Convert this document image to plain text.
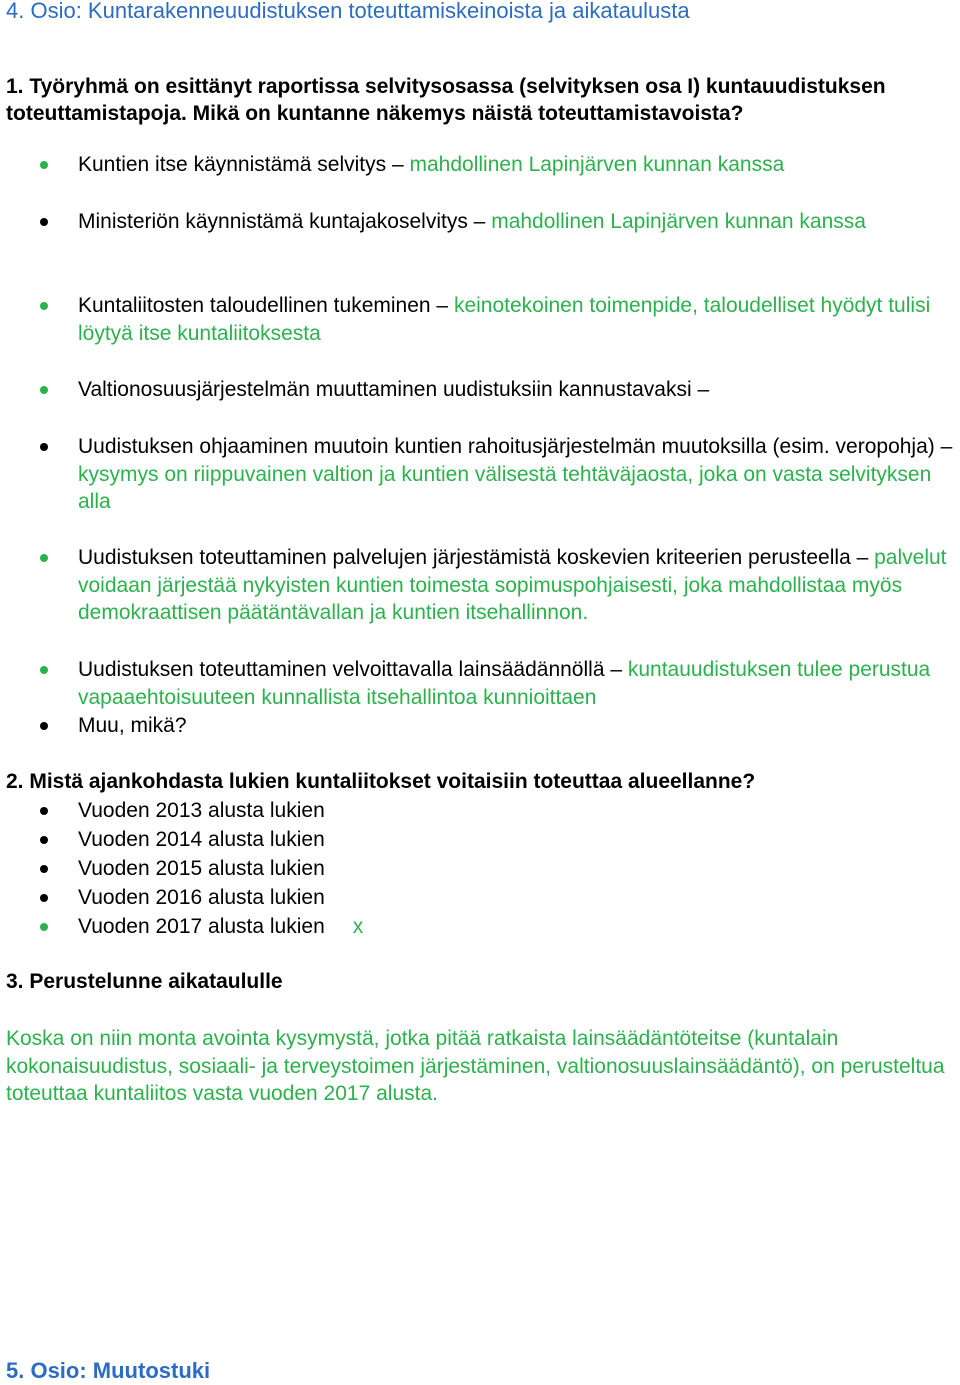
4. Osio: Kuntarakenneuudistuksen toteuttamiskeinoista ja aikataulusta

1. Työryhmä on esittänyt raportissa selvitysosassa (selvityksen osa I) kuntauudistuksen

toteuttamistapoja. Mikä on kuntanne näkemys näistä toteuttamistavoista?

Kuntien itse käynnistämä selvitys – mahdollinen Lapinjärven kunnan kanssa
Ministeriön käynnistämä kuntajakoselvitys – mahdollinen Lapinjärven kunnan kanssa
Kuntaliitosten taloudellinen tukeminen – keinotekoinen toimenpide, taloudelliset hyödyt tulisi löytyä itse kuntaliitoksesta
Valtionosuusjärjestelmän muuttaminen uudistuksiin kannustavaksi –
Uudistuksen ohjaaminen muutoin kuntien rahoitusjärjestelmän muutoksilla (esim. veropohja) – kysymys on riippuvainen valtion ja kuntien välisestä tehtäväjaosta, joka on vasta selvityksen alla
Uudistuksen toteuttaminen palvelujen järjestämistä koskevien kriteerien perusteella – palvelut voidaan järjestää nykyisten kuntien toimesta sopimuspohjaisesti, joka mahdollistaa myös demokraattisen päätäntävallan ja kuntien itsehallinnon.
Uudistuksen toteuttaminen velvoittavalla lainsäädännöllä – kuntauudistuksen tulee perustua vapaaehtoisuuteen kunnallista itsehallintoa kunnioittaen
Muu, mikä?

2. Mistä ajankohdasta lukien kuntaliitokset voitaisiin toteuttaa alueellanne?

Vuoden 2013 alusta lukien
Vuoden 2014 alusta lukien
Vuoden 2015 alusta lukien
Vuoden 2016 alusta lukien
Vuoden 2017 alusta lukien x

3. Perustelunne aikataululle

Koska on niin monta avointa kysymystä, jotka pitää ratkaista lainsäädäntöteitse (kuntalain kokonaisuudistus, sosiaali- ja terveystoimen järjestäminen, valtionosuuslainsäädäntö), on perusteltua toteuttaa kuntaliitos vasta vuoden 2017 alusta.

5. Osio: Muutostuki
